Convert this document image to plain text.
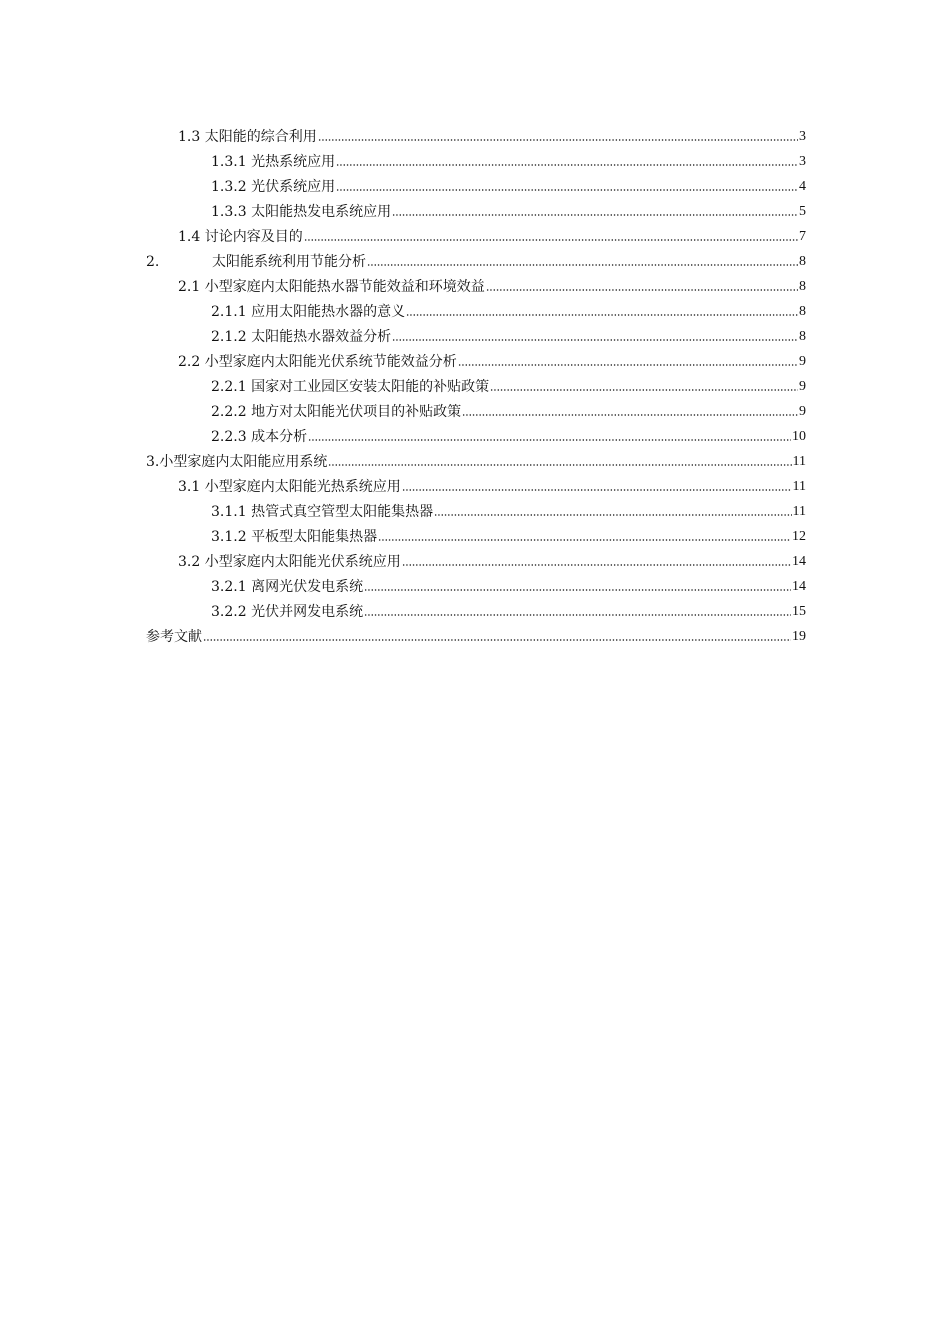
1.3 太阳能的综合利用	3
1.3.1 光热系统应用	3
1.3.2 光伏系统应用	4
1.3.3 太阳能热发电系统应用	5
1.4 讨论内容及目的	7
2.	太阳能系统利用节能分析	8
2.1 小型家庭内太阳能热水器节能效益和环境效益	8
2.1.1 应用太阳能热水器的意义	8
2.1.2 太阳能热水器效益分析	8
2.2 小型家庭内太阳能光伏系统节能效益分析	9
2.2.1 国家对工业园区安装太阳能的补贴政策	9
2.2.2 地方对太阳能光伏项目的补贴政策	9
2.2.3 成本分析	10
3.小型家庭内太阳能应用系统	11
3.1 小型家庭内太阳能光热系统应用	11
3.1.1 热管式真空管型太阳能集热器	11
3.1.2 平板型太阳能集热器	12
3.2 小型家庭内太阳能光伏系统应用	14
3.2.1 离网光伏发电系统	14
3.2.2 光伏并网发电系统	15
参考文献	19
